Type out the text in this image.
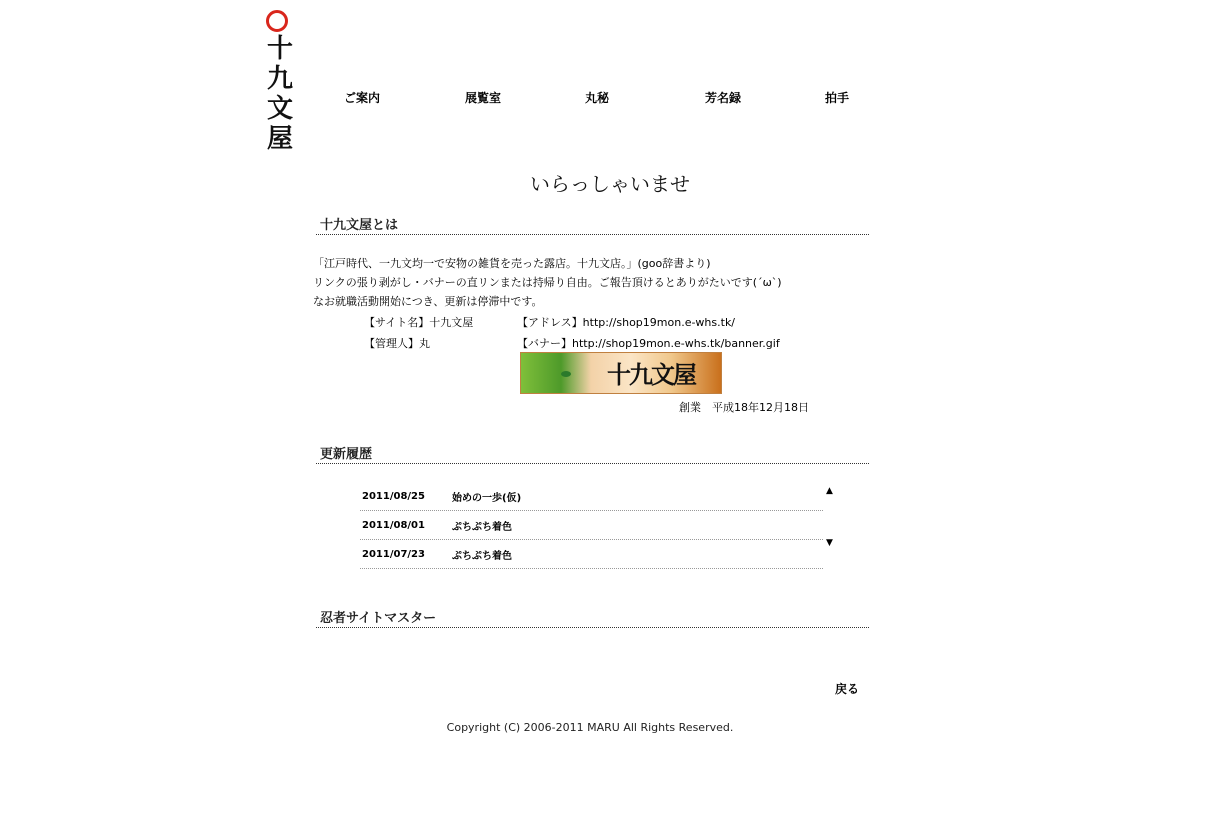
十
九
文
屋
ご案内	展覧室	丸秘	芳名録	拍手
いらっしゃいませ
十九文屋とは
「江戸時代、一九文均一で安物の雑貨を売った露店。十九文店。」(goo辞書より)
リンクの張り剥がし・バナーの直リンまたは持帰り自由。ご報告頂けるとありがたいです(´ω`)
なお就職活動開始につき、更新は停滞中です。
【サイト名】十九文屋	【アドレス】http://shop19mon.e-whs.tk/
【管理人】丸	【バナー】http://shop19mon.e-whs.tk/banner.gif
十九文屋
創業　平成18年12月18日
更新履歴
2011/08/25	始めの一歩(仮)
2011/08/01	ぷちぷち着色
2011/07/23	ぷちぷち着色
▲
▼
忍者サイトマスター
戻る
Copyright (C) 2006-2011 MARU All Rights Reserved.
